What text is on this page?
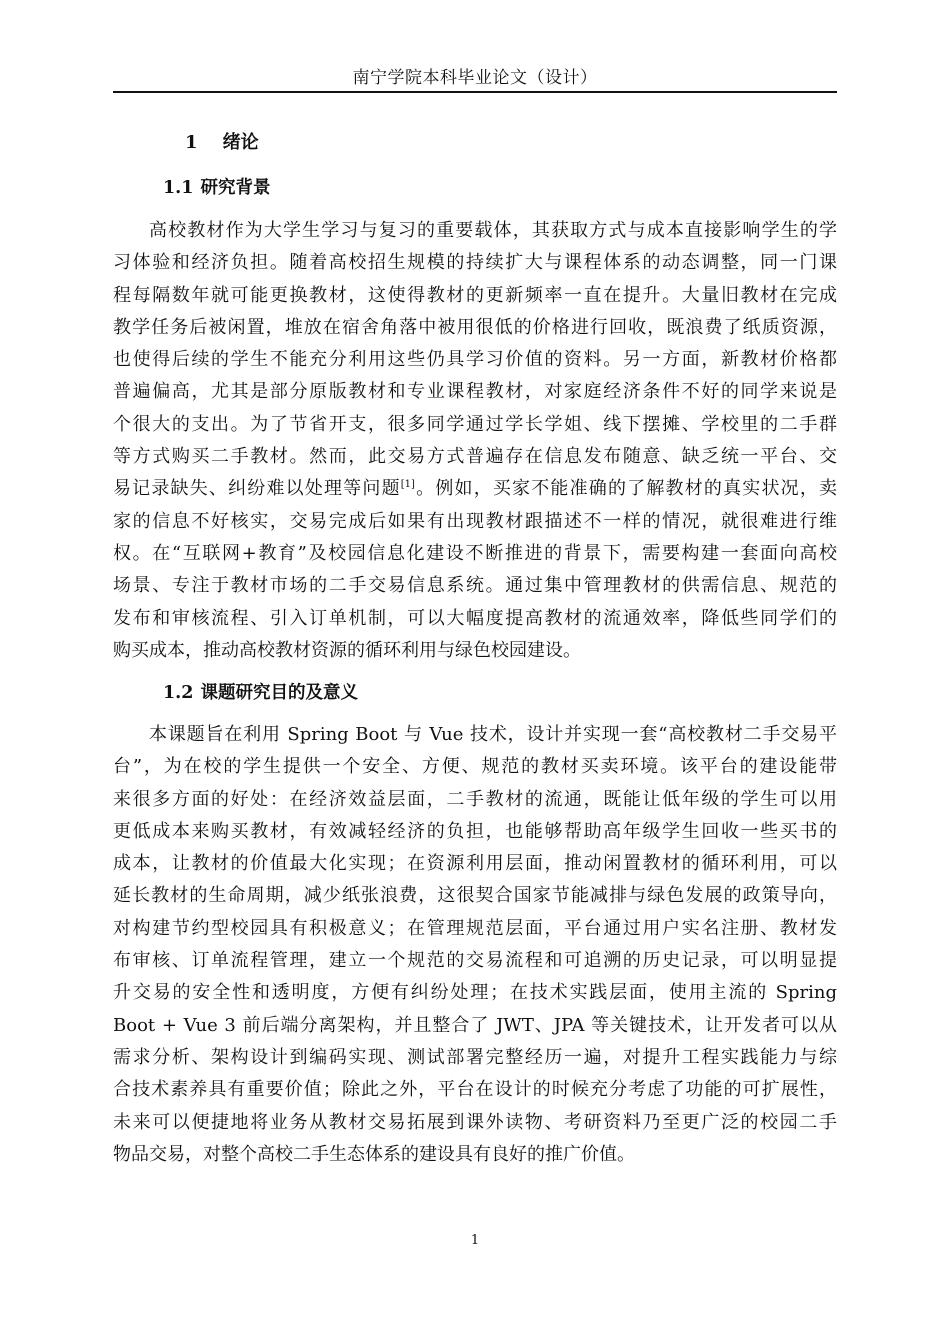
南宁学院本科毕业论文（设计）
1 绪论
1.1 研究背景
高校教材作为大学生学习与复习的重要载体，其获取方式与成本直接影响学生的学
习体验和经济负担。随着高校招生规模的持续扩大与课程体系的动态调整，同一门课
程每隔数年就可能更换教材，这使得教材的更新频率一直在提升。大量旧教材在完成
教学任务后被闲置，堆放在宿舍角落中被用很低的价格进行回收，既浪费了纸质资源，
也使得后续的学生不能充分利用这些仍具学习价值的资料。另一方面，新教材价格都
普遍偏高，尤其是部分原版教材和专业课程教材，对家庭经济条件不好的同学来说是
个很大的支出。为了节省开支，很多同学通过学长学姐、线下摆摊、学校里的二手群
等方式购买二手教材。然而，此交易方式普遍存在信息发布随意、缺乏统一平台、交
易记录缺失、纠纷难以处理等问题[1]。例如，买家不能准确的了解教材的真实状况，卖
家的信息不好核实，交易完成后如果有出现教材跟描述不一样的情况，就很难进行维
权。在“互联网+教育”及校园信息化建设不断推进的背景下，需要构建一套面向高校
场景、专注于教材市场的二手交易信息系统。通过集中管理教材的供需信息、规范的
发布和审核流程、引入订单机制，可以大幅度提高教材的流通效率，降低些同学们的
购买成本，推动高校教材资源的循环利用与绿色校园建设。
1.2 课题研究目的及意义
本课题旨在利用 Spring Boot 与 Vue 技术，设计并实现一套“高校教材二手交易平
台”，为在校的学生提供一个安全、方便、规范的教材买卖环境。该平台的建设能带
来很多方面的好处：在经济效益层面，二手教材的流通，既能让低年级的学生可以用
更低成本来购买教材，有效减轻经济的负担，也能够帮助高年级学生回收一些买书的
成本，让教材的价值最大化实现；在资源利用层面，推动闲置教材的循环利用，可以
延长教材的生命周期，减少纸张浪费，这很契合国家节能减排与绿色发展的政策导向，
对构建节约型校园具有积极意义；在管理规范层面，平台通过用户实名注册、教材发
布审核、订单流程管理，建立一个规范的交易流程和可追溯的历史记录，可以明显提
升交易的安全性和透明度，方便有纠纷处理；在技术实践层面，使用主流的 Spring
Boot + Vue 3 前后端分离架构，并且整合了 JWT、JPA 等关键技术，让开发者可以从
需求分析、架构设计到编码实现、测试部署完整经历一遍，对提升工程实践能力与综
合技术素养具有重要价值；除此之外，平台在设计的时候充分考虑了功能的可扩展性，
未来可以便捷地将业务从教材交易拓展到课外读物、考研资料乃至更广泛的校园二手
物品交易，对整个高校二手生态体系的建设具有良好的推广价值。
1
